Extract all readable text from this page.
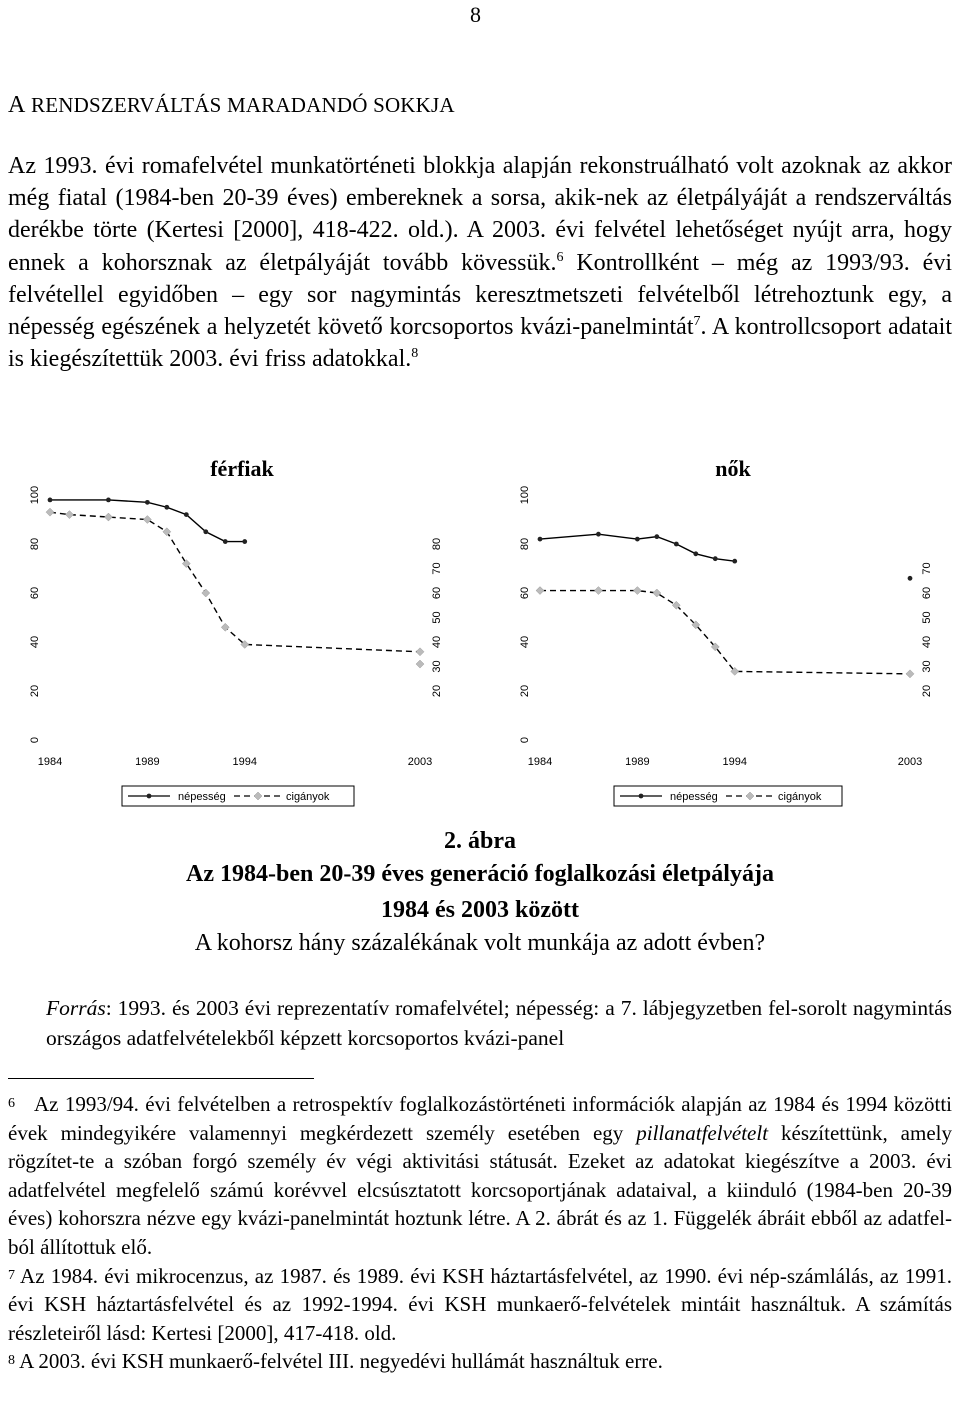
8
A RENDSZERVÁLTÁS MARADANDÓ SOKKJA

Az 1993. évi romafelvétel munkatörténeti blokkja alapján rekonstruálható volt azoknak az akkor még fiatal (1984-ben 20-39 éves) embereknek a sorsa, akik-nek az életpályáját a rendszerváltás derékbe törte (Kertesi [2000], 418-422. old.). A 2003. évi felvétel lehetőséget nyújt arra, hogy ennek a kohorsznak az életpályáját tovább kövessük.$^6$ Kontrollként – még az 1993/93. évi felvétellel egyidőben – egy sor nagymintás keresztmetszeti felvételből létrehoztunk egy, a népesség egészének a helyzetét követő korcsoportos kvázi-panelmintát$^7$. A kontrollcsoport adatait is kiegészítettük 2003. évi friss adatokkal.$^8$

férfiak
0
20
40
60
80
100
20
30
40
50
60
70
80
1984	1989	1994	2003
népesség	cigányok
nők
0
20
40
60
80
100
20
30
40
50
60
70
1984	1989	1994	2003
népesség	cigányok
2. ábra
Az 1984-ben 20-39 éves generáció foglalkozási életpályája
1984 és 2003 között
A kohorsz hány százalékának volt munkája az adott évben?
Forrás: 1993. és 2003 évi reprezentatív romafelvétel; népesség: a 7. lábjegyzetben fel-sorolt nagymintás országos adatfelvételekből képzett korcsoportos kvázi-panel

$^6$ Az 1993/94. évi felvételben a retrospektív foglalkozástörténeti információk alapján az 1984 és 1994 közötti évek mindegyikére valamennyi megkérdezett személy esetében egy pillanatfelvételt készítettünk, amely rögzítet-te a szóban forgó személy év végi aktivitási státusát. Ezeket az adatokat kiegészítve a 2003. évi adatfelvétel megfelelő számú korévvel elcsúsztatott korcsoportjának adataival, a kiinduló (1984-ben 20-39 éves) kohorszra nézve egy kvázi-panelmintát hoztunk létre. A 2. ábrát és az 1. Függelék ábráit ebből az adatfel-ból állítottuk elő.

$^7$ Az 1984. évi mikrocenzus, az 1987. és 1989. évi KSH háztartásfelvétel, az 1990. évi nép-számlálás, az 1991. évi KSH háztartásfelvétel és az 1992-1994. évi KSH munkaerő-felvételek mintáit használtuk. A számítás részleteiről lásd: Kertesi [2000], 417-418. old.

$^8$ A 2003. évi KSH munkaerő-felvétel III. negyedévi hullámát használtuk erre.
